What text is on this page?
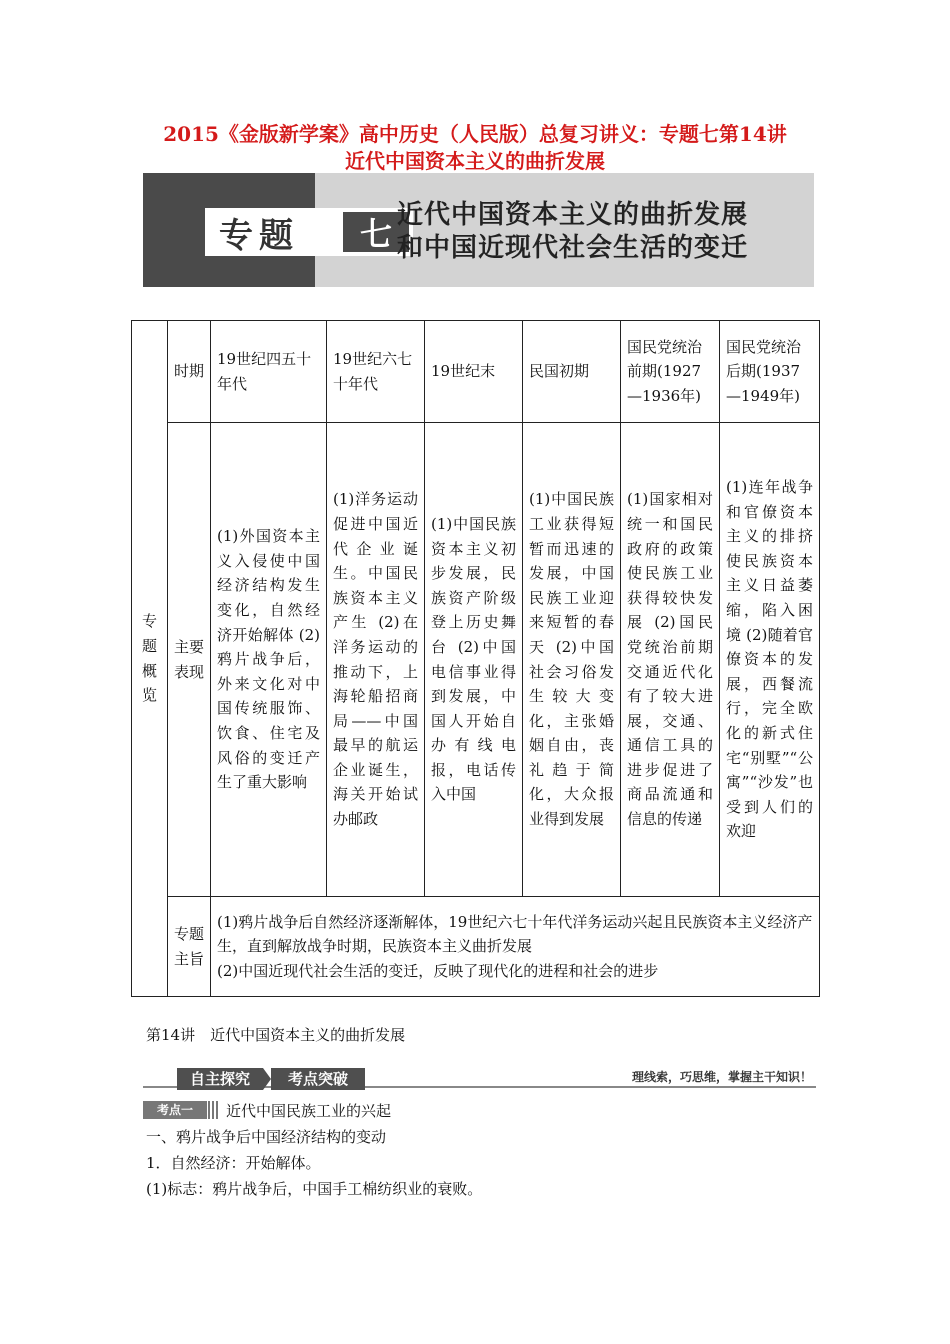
2015《金版新学案》高中历史（人民版）总复习讲义：专题七第14讲
近代中国资本主义的曲折发展
专题	七 近代中国资本主义的曲折发展
和中国近现代社会生活的变迁
专题概览	时期	19世纪四五十年代	19世纪六七十年代	19世纪末	民国初期	国民党统治前期(1927—1936年)	国民党统治后期(1937—1949年)
	主要表现	(1)外国资本主义入侵使中国经济结构发生变化，自然经济开始解体 (2)鸦片战争后，外来文化对中国传统服饰、饮食、住宅及风俗的变迁产生了重大影响	(1)洋务运动促进中国近代企业诞生。中国民族资本主义产生 (2)在洋务运动的推动下，上海轮船招商局——中国最早的航运企业诞生，海关开始试办邮政	(1)中国民族资本主义初步发展，民族资产阶级登上历史舞台 (2)中国电信事业得到发展，中国人开始自办有线电报，电话传入中国	(1)中国民族工业获得短暂而迅速的发展，中国民族工业迎来短暂的春天 (2)中国社会习俗发生较大变化，主张婚姻自由，丧礼趋于简化，大众报业得到发展	(1)国家相对统一和国民政府的政策使民族工业获得较快发展 (2)国民党统治前期交通近代化有了较大进展，交通、通信工具的进步促进了商品流通和信息的传递	(1)连年战争和官僚资本主义的排挤使民族资本主义日益萎缩，陷入困境 (2)随着官僚资本的发展，西餐流行，完全欧化的新式住宅“别墅”“公寓”“沙发”也受到人们的欢迎
	专题主旨	(1)鸦片战争后自然经济逐渐解体，19世纪六七十年代洋务运动兴起且民族资本主义经济产生，直到解放战争时期，民族资本主义曲折发展
(2)中国近现代社会生活的变迁，反映了现代化的进程和社会的进步					

第14讲　近代中国资本主义的曲折发展

自主探究	考点突破	理线索，巧思维，掌握主干知识！
考点一	近代中国民族工业的兴起

一、鸦片战争后中国经济结构的变动

1．自然经济：开始解体。

(1)标志：鸦片战争后，中国手工棉纺织业的衰败。
